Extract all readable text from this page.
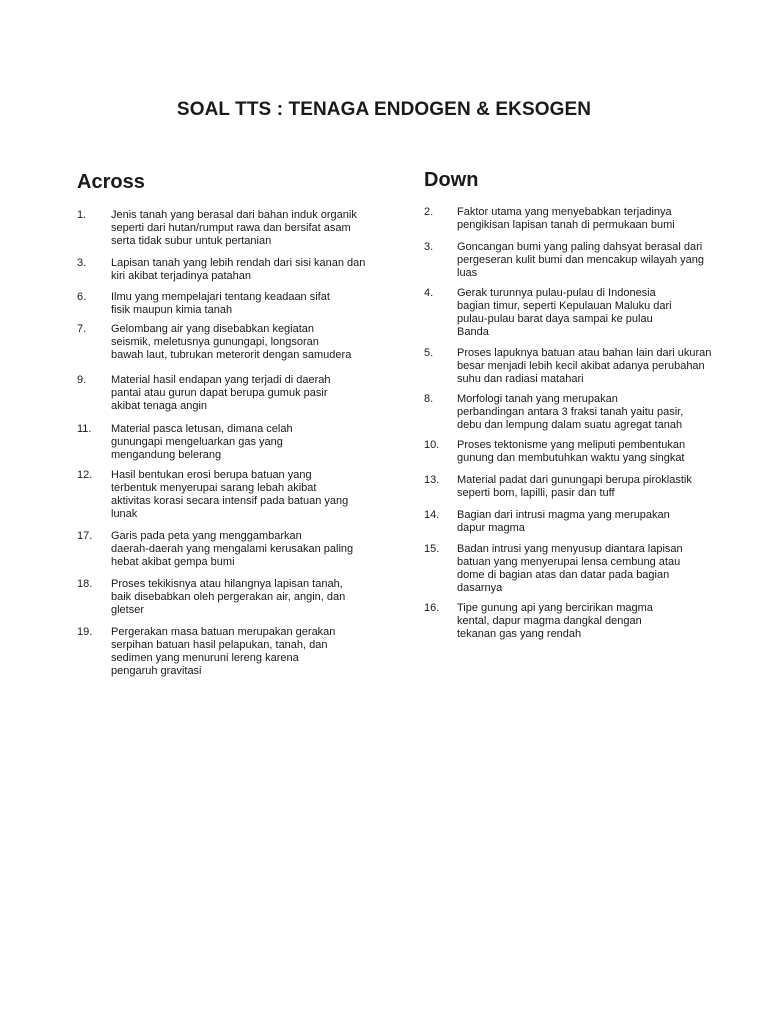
SOAL TTS : TENAGA ENDOGEN & EKSOGEN
Across
1. Jenis tanah yang berasal dari bahan induk organik
seperti dari hutan/rumput rawa dan bersifat asam
serta tidak subur untuk pertanian
3. Lapisan tanah yang lebih rendah dari sisi kanan dan
kiri akibat terjadinya patahan
6. Ilmu yang mempelajari tentang keadaan sifat
fisik maupun kimia tanah
7. Gelombang air yang disebabkan kegiatan
seismik, meletusnya gunungapi, longsoran
bawah laut, tubrukan meterorit dengan samudera
9. Material hasil endapan yang terjadi di daerah
pantai atau gurun dapat berupa gumuk pasir
akibat tenaga angin
11. Material pasca letusan, dimana celah
gunungapi mengeluarkan gas yang
mengandung belerang
12. Hasil bentukan erosi berupa batuan yang
terbentuk menyerupai sarang lebah akibat
aktivitas korasi secara intensif pada batuan yang
lunak
17. Garis pada peta yang menggambarkan
daerah-daerah yang mengalami kerusakan paling
hebat akibat gempa bumi
18. Proses tekikisnya atau hilangnya lapisan tanah,
baik disebabkan oleh pergerakan air, angin, dan
gletser
19. Pergerakan masa batuan merupakan gerakan
serpihan batuan hasil pelapukan, tanah, dan
sedimen yang menuruni lereng karena
pengaruh gravitasi
Down
2. Faktor utama yang menyebabkan terjadinya
pengikisan lapisan tanah di permukaan bumi
3. Goncangan bumi yang paling dahsyat berasal dari
pergeseran kulit bumi dan mencakup wilayah yang
luas
4. Gerak turunnya pulau-pulau di Indonesia
bagian timur, seperti Kepulauan Maluku dari
pulau-pulau barat daya sampai ke pulau
Banda
5. Proses lapuknya batuan atau bahan lain dari ukuran
besar menjadi lebih kecil akibat adanya perubahan
suhu dan radiasi matahari
8. Morfologi tanah yang merupakan
perbandingan antara 3 fraksi tanah yaitu pasir,
debu dan lempung dalam suatu agregat tanah
10. Proses tektonisme yang meliputi pembentukan
gunung dan membutuhkan waktu yang singkat
13. Material padat dari gunungapi berupa piroklastik
seperti bom, lapilli, pasir dan tuff
14. Bagian dari intrusi magma yang merupakan
dapur magma
15. Badan intrusi yang menyusup diantara lapisan
batuan yang menyerupai lensa cembung atau
dome di bagian atas dan datar pada bagian
dasarnya
16. Tipe gunung api yang bercirikan magma
kental, dapur magma dangkal dengan
tekanan gas yang rendah
